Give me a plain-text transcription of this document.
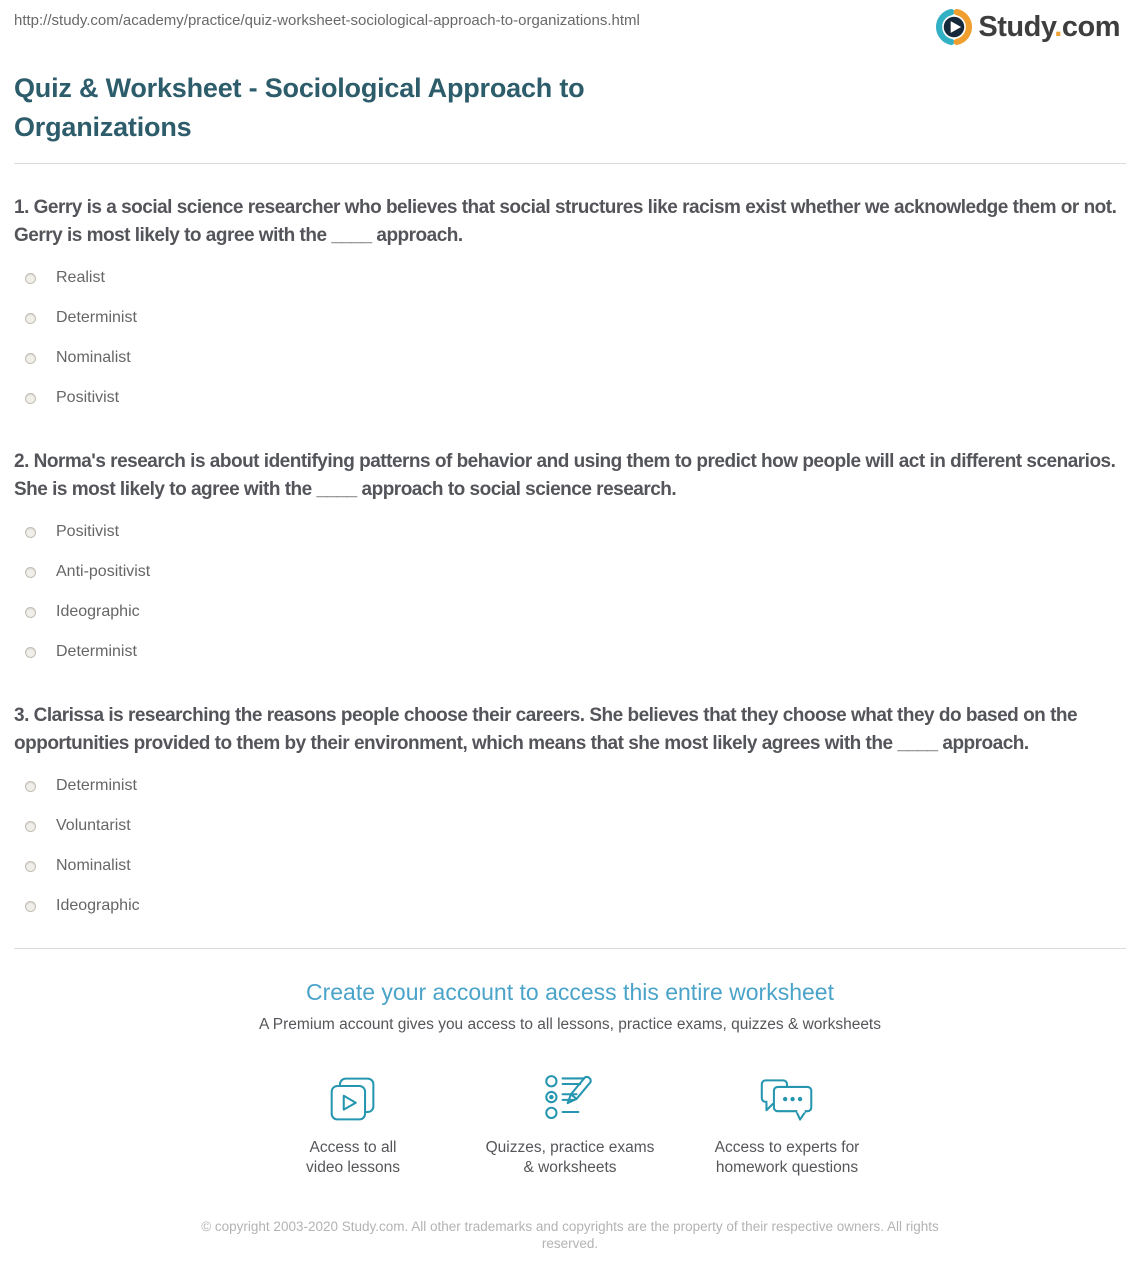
http://study.com/academy/practice/quiz-worksheet-sociological-approach-to-organizations.html	Study.com
Quiz & Worksheet - Sociological Approach to Organizations
1. Gerry is a social science researcher who believes that social structures like racism exist whether we acknowledge them or not. Gerry is most likely to agree with the ____ approach.
Realist
Determinist
Nominalist
Positivist
2. Norma's research is about identifying patterns of behavior and using them to predict how people will act in different scenarios. She is most likely to agree with the ____ approach to social science research.
Positivist
Anti-positivist
Ideographic
Determinist
3. Clarissa is researching the reasons people choose their careers. She believes that they choose what they do based on the opportunities provided to them by their environment, which means that she most likely agrees with the ____ approach.
Determinist
Voluntarist
Nominalist
Ideographic
Create your account to access this entire worksheet
A Premium account gives you access to all lessons, practice exams, quizzes & worksheets
Access to all
video lessons
Quizzes, practice exams
& worksheets
Access to experts for
homework questions
© copyright 2003-2020 Study.com. All other trademarks and copyrights are the property of their respective owners. All rights reserved.
